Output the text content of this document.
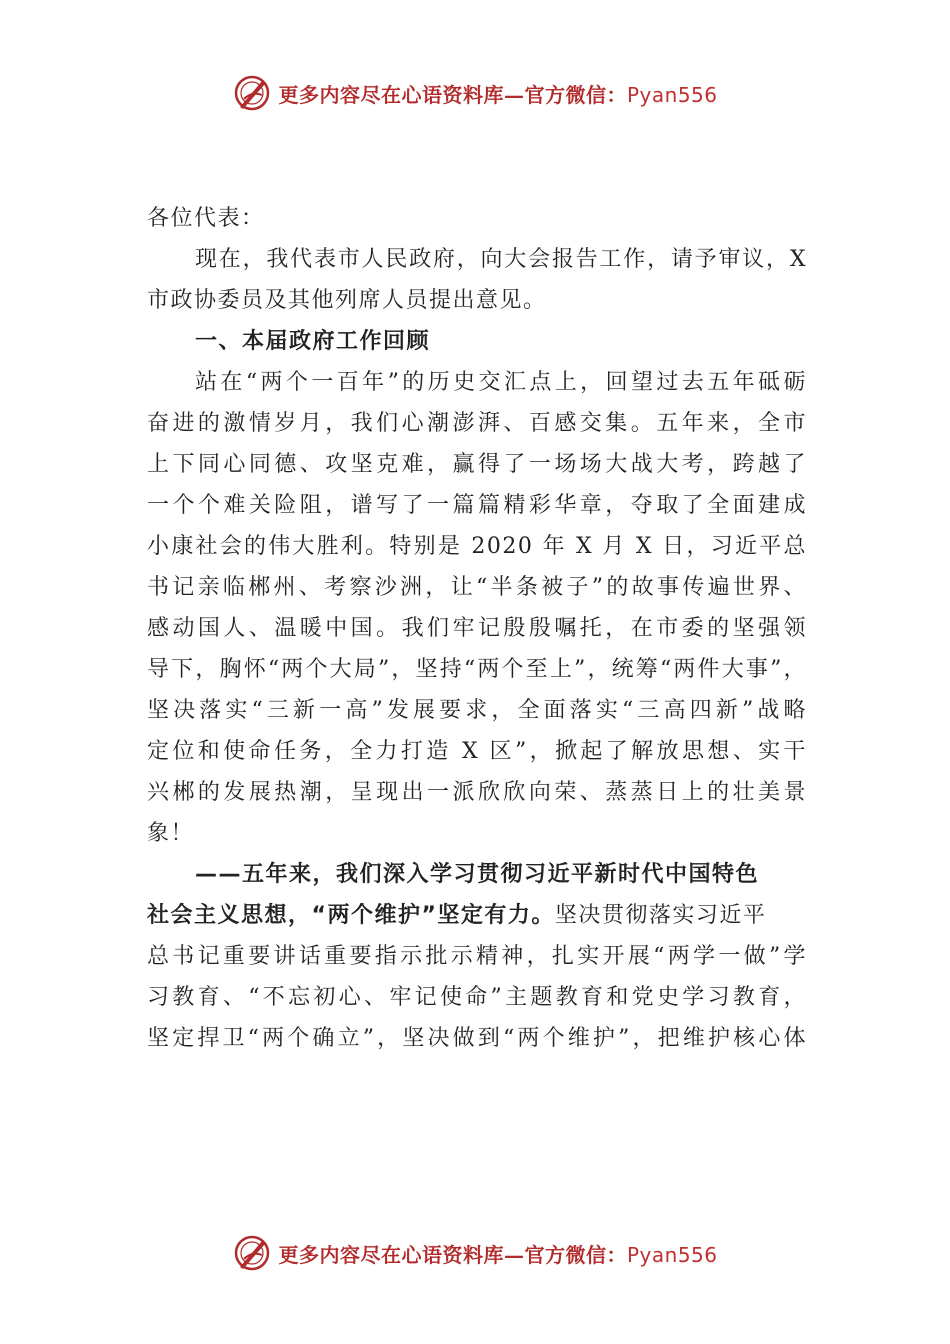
更多内容尽在心语资料库—官方微信：Pyan556
各位代表：
现在，我代表市人民政府，向大会报告工作，请予审议，X
市政协委员及其他列席人员提出意见。
一、本届政府工作回顾
站在“两个一百年”的历史交汇点上，回望过去五年砥砺
奋进的激情岁月，我们心潮澎湃、百感交集。五年来，全市
上下同心同德、攻坚克难，赢得了一场场大战大考，跨越了
一个个难关险阻，谱写了一篇篇精彩华章，夺取了全面建成
小康社会的伟大胜利。特别是 2020 年 X 月 X 日，习近平总
书记亲临郴州、考察沙洲，让“半条被子”的故事传遍世界、
感动国人、温暖中国。我们牢记殷殷嘱托，在市委的坚强领
导下，胸怀“两个大局”，坚持“两个至上”，统筹“两件大事”，
坚决落实“三新一高”发展要求，全面落实“三高四新”战略
定位和使命任务，全力打造 X 区”，掀起了解放思想、实干
兴郴的发展热潮，呈现出一派欣欣向荣、蒸蒸日上的壮美景
象！
——五年来，我们深入学习贯彻习近平新时代中国特色
社会主义思想，“两个维护”坚定有力。坚决贯彻落实习近平
总书记重要讲话重要指示批示精神，扎实开展“两学一做”学
习教育、“不忘初心、牢记使命”主题教育和党史学习教育，
坚定捍卫“两个确立”，坚决做到“两个维护”，把维护核心体
更多内容尽在心语资料库—官方微信：Pyan556
